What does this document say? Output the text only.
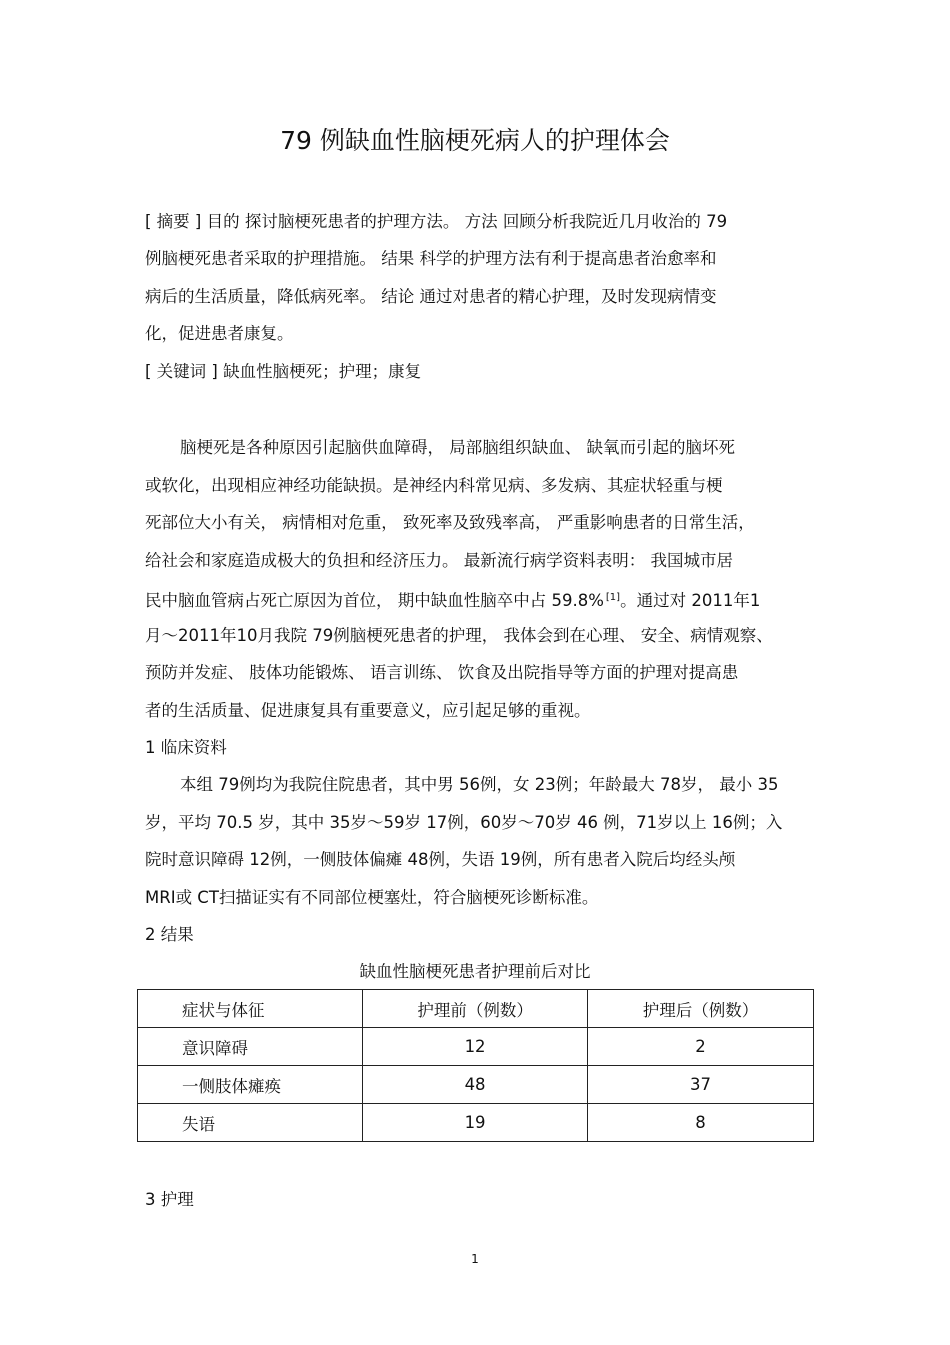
79 例缺血性脑梗死病人的护理体会
[ 摘要 ] 目的 探讨脑梗死患者的护理方法。 方法 回顾分析我院近几月收治的 79
例脑梗死患者采取的护理措施。 结果 科学的护理方法有利于提高患者治愈率和
病后的生活质量，降低病死率。 结论 通过对患者的精心护理，及时发现病情变
化，促进患者康复。
[ 关键词 ] 缺血性脑梗死；护理；康复
脑梗死是各种原因引起脑供血障碍， 局部脑组织缺血、 缺氧而引起的脑坏死
或软化，出现相应神经功能缺损。是神经内科常见病、多发病、其症状轻重与梗
死部位大小有关， 病情相对危重， 致死率及致残率高， 严重影响患者的日常生活，
给社会和家庭造成极大的负担和经济压力。 最新流行病学资料表明： 我国城市居
民中脑血管病占死亡原因为首位， 期中缺血性脑卒中占 59.8% [1]。通过对 2011年1
月～2011年10月我院 79例脑梗死患者的护理， 我体会到在心理、 安全、病情观察、
预防并发症、 肢体功能锻炼、 语言训练、 饮食及出院指导等方面的护理对提高患
者的生活质量、促进康复具有重要意义，应引起足够的重视。
1 临床资料
本组 79例均为我院住院患者，其中男 56例，女 23例；年龄最大 78岁， 最小 35
岁，平均 70.5 岁，其中 35岁～59岁 17例，60岁～70岁 46 例，71岁以上 16例；入
院时意识障碍 12例，一侧肢体偏瘫 48例，失语 19例，所有患者入院后均经头颅
MRI或 CT扫描证实有不同部位梗塞灶，符合脑梗死诊断标准。
2 结果
缺血性脑梗死患者护理前后对比
症状与体征	护理前（例数）	护理后（例数）
意识障碍	12	2
一侧肢体瘫痪	48	37
失语	19	8
3 护理
1
